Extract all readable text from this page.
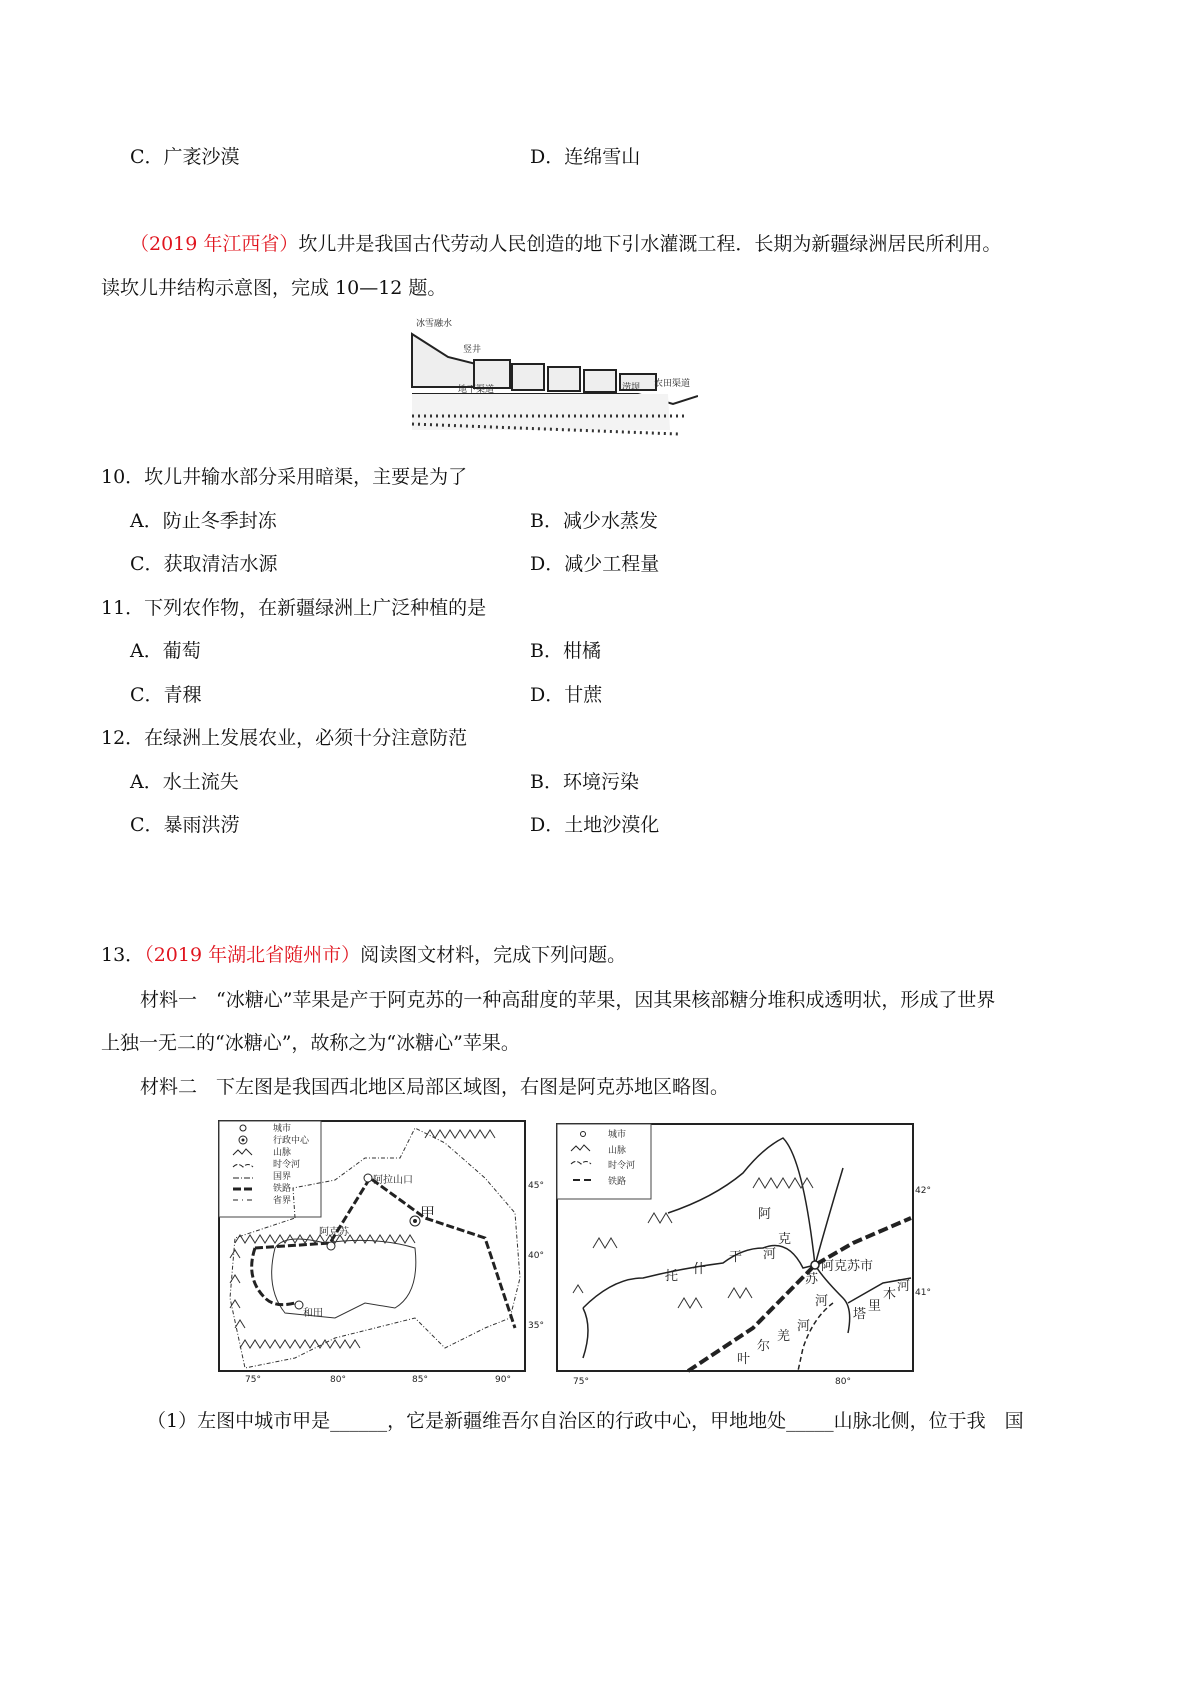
C．广袤沙漠	D．连绵雪山
（2019 年江西省）坎儿井是我国古代劳动人民创造的地下引水灌溉工程．长期为新疆绿洲居民所利用。
读坎儿井结构示意图，完成 10—12 题。
冰雪融水
竖井
地下渠道	涝坝 农田渠道
10．坎儿井输水部分采用暗渠，主要是为了
A．防止冬季封冻	B．减少水蒸发
C．获取清洁水源	D．减少工程量
11．下列农作物，在新疆绿洲上广泛种植的是
A．葡萄	B．柑橘
C．青稞	D．甘蔗
12．在绿洲上发展农业，必须十分注意防范
A．水土流失	B．环境污染
C．暴雨洪涝	D．土地沙漠化
13．（2019 年湖北省随州市）阅读图文材料，完成下列问题。
材料一　“冰糖心”苹果是产于阿克苏的一种高甜度的苹果，因其果核部糖分堆积成透明状，形成了世界
上独一无二的“冰糖心”，故称之为“冰糖心”苹果。
材料二　下左图是我国西北地区局部区域图，右图是阿克苏地区略图。
城市
行政中心
山脉
时令河
国界
铁路
省界
阿拉山口
甲
阿克苏
和田
45°
40°
35°
75°	80°	85°	90°
城市
山脉
时令河
铁路
阿
克
苏
河
托 什
干 河
叶
尔
羌
河
塔
里
木
河
阿克苏市
42°
41°
75°	80°
（1）左图中城市甲是______，它是新疆维吾尔自治区的行政中心，甲地地处_____山脉北侧，位于我　国
